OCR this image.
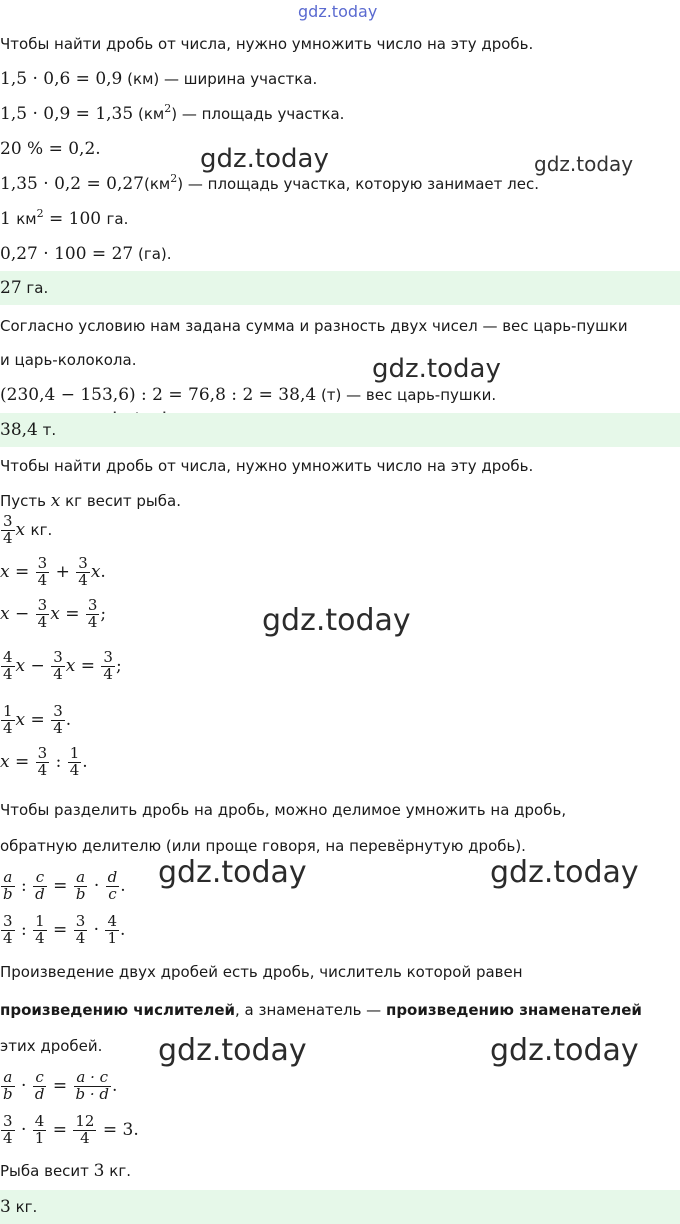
gdz.today
gdz.today	gdz.today
gdz.today
gdz.today
gdz.today	gdz.today
gdz.today	gdz.today
Чтобы найти дробь от числа, нужно умножить число на эту дробь.
1,5 · 0,6 = 0,9 (км) — ширина участка.
1,5 · 0,9 = 1,35 $(км^2)$ — площадь участка.
20 % = 0,2.
$1,35 \cdot 0,2 = 0,27(км^2)$ — площадь участка, которую занимает лес.
1 $км^2 = 100$ га.
0,27 · 100 = 27 (га).
27 га.
Согласно условию нам задана сумма и разность двух чисел — вес царь-пушки
и царь-колокола.
(230,4 − 153,6) : 2 = 76,8 : 2 = 38,4 (т) — вес царь-пушки.
38,4 т.
Чтобы найти дробь от числа, нужно умножить число на эту дробь.
Пусть x кг весит рыба.
$\frac{3}{4}$ x кг.
$x = \frac{3}{4} + \frac{3}{4} x$.
$x - \frac{3}{4}$ $x = \frac{3}{4}$ ;
$\frac{4}{4}$ $x - \frac{3}{4}$ $x = \frac{3}{4}$ ;
$\frac{1}{4}$ $x = \frac{3}{4}$ .
$x = \frac{3}{4}$ : $\frac{1}{4}$ .
Чтобы разделить дробь на дробь, можно делимое умножить на дробь,
обратную делителю (или проще говоря, на перевёрнутую дробь).
$\frac{a}{b}$ : $\frac{c}{d} = \frac{a}{b} \cdot \frac{d}{c}$ .
$\frac{3}{4}$ : $\frac{1}{4} = \frac{3}{4} \cdot \frac{4}{1}$ .
Произведение двух дробей есть дробь, числитель которой равен
произведению числителей, а знаменатель — произведению знаменателей
этих дробей.
$\frac{a}{b} \cdot \frac{c}{d} = \frac{a \cdot c}{b \cdot d}$ .
$\frac{3}{4} \cdot \frac{4}{1} = \frac{12}{4} = 3$.
Рыба весит 3 кг.
3 кг.
